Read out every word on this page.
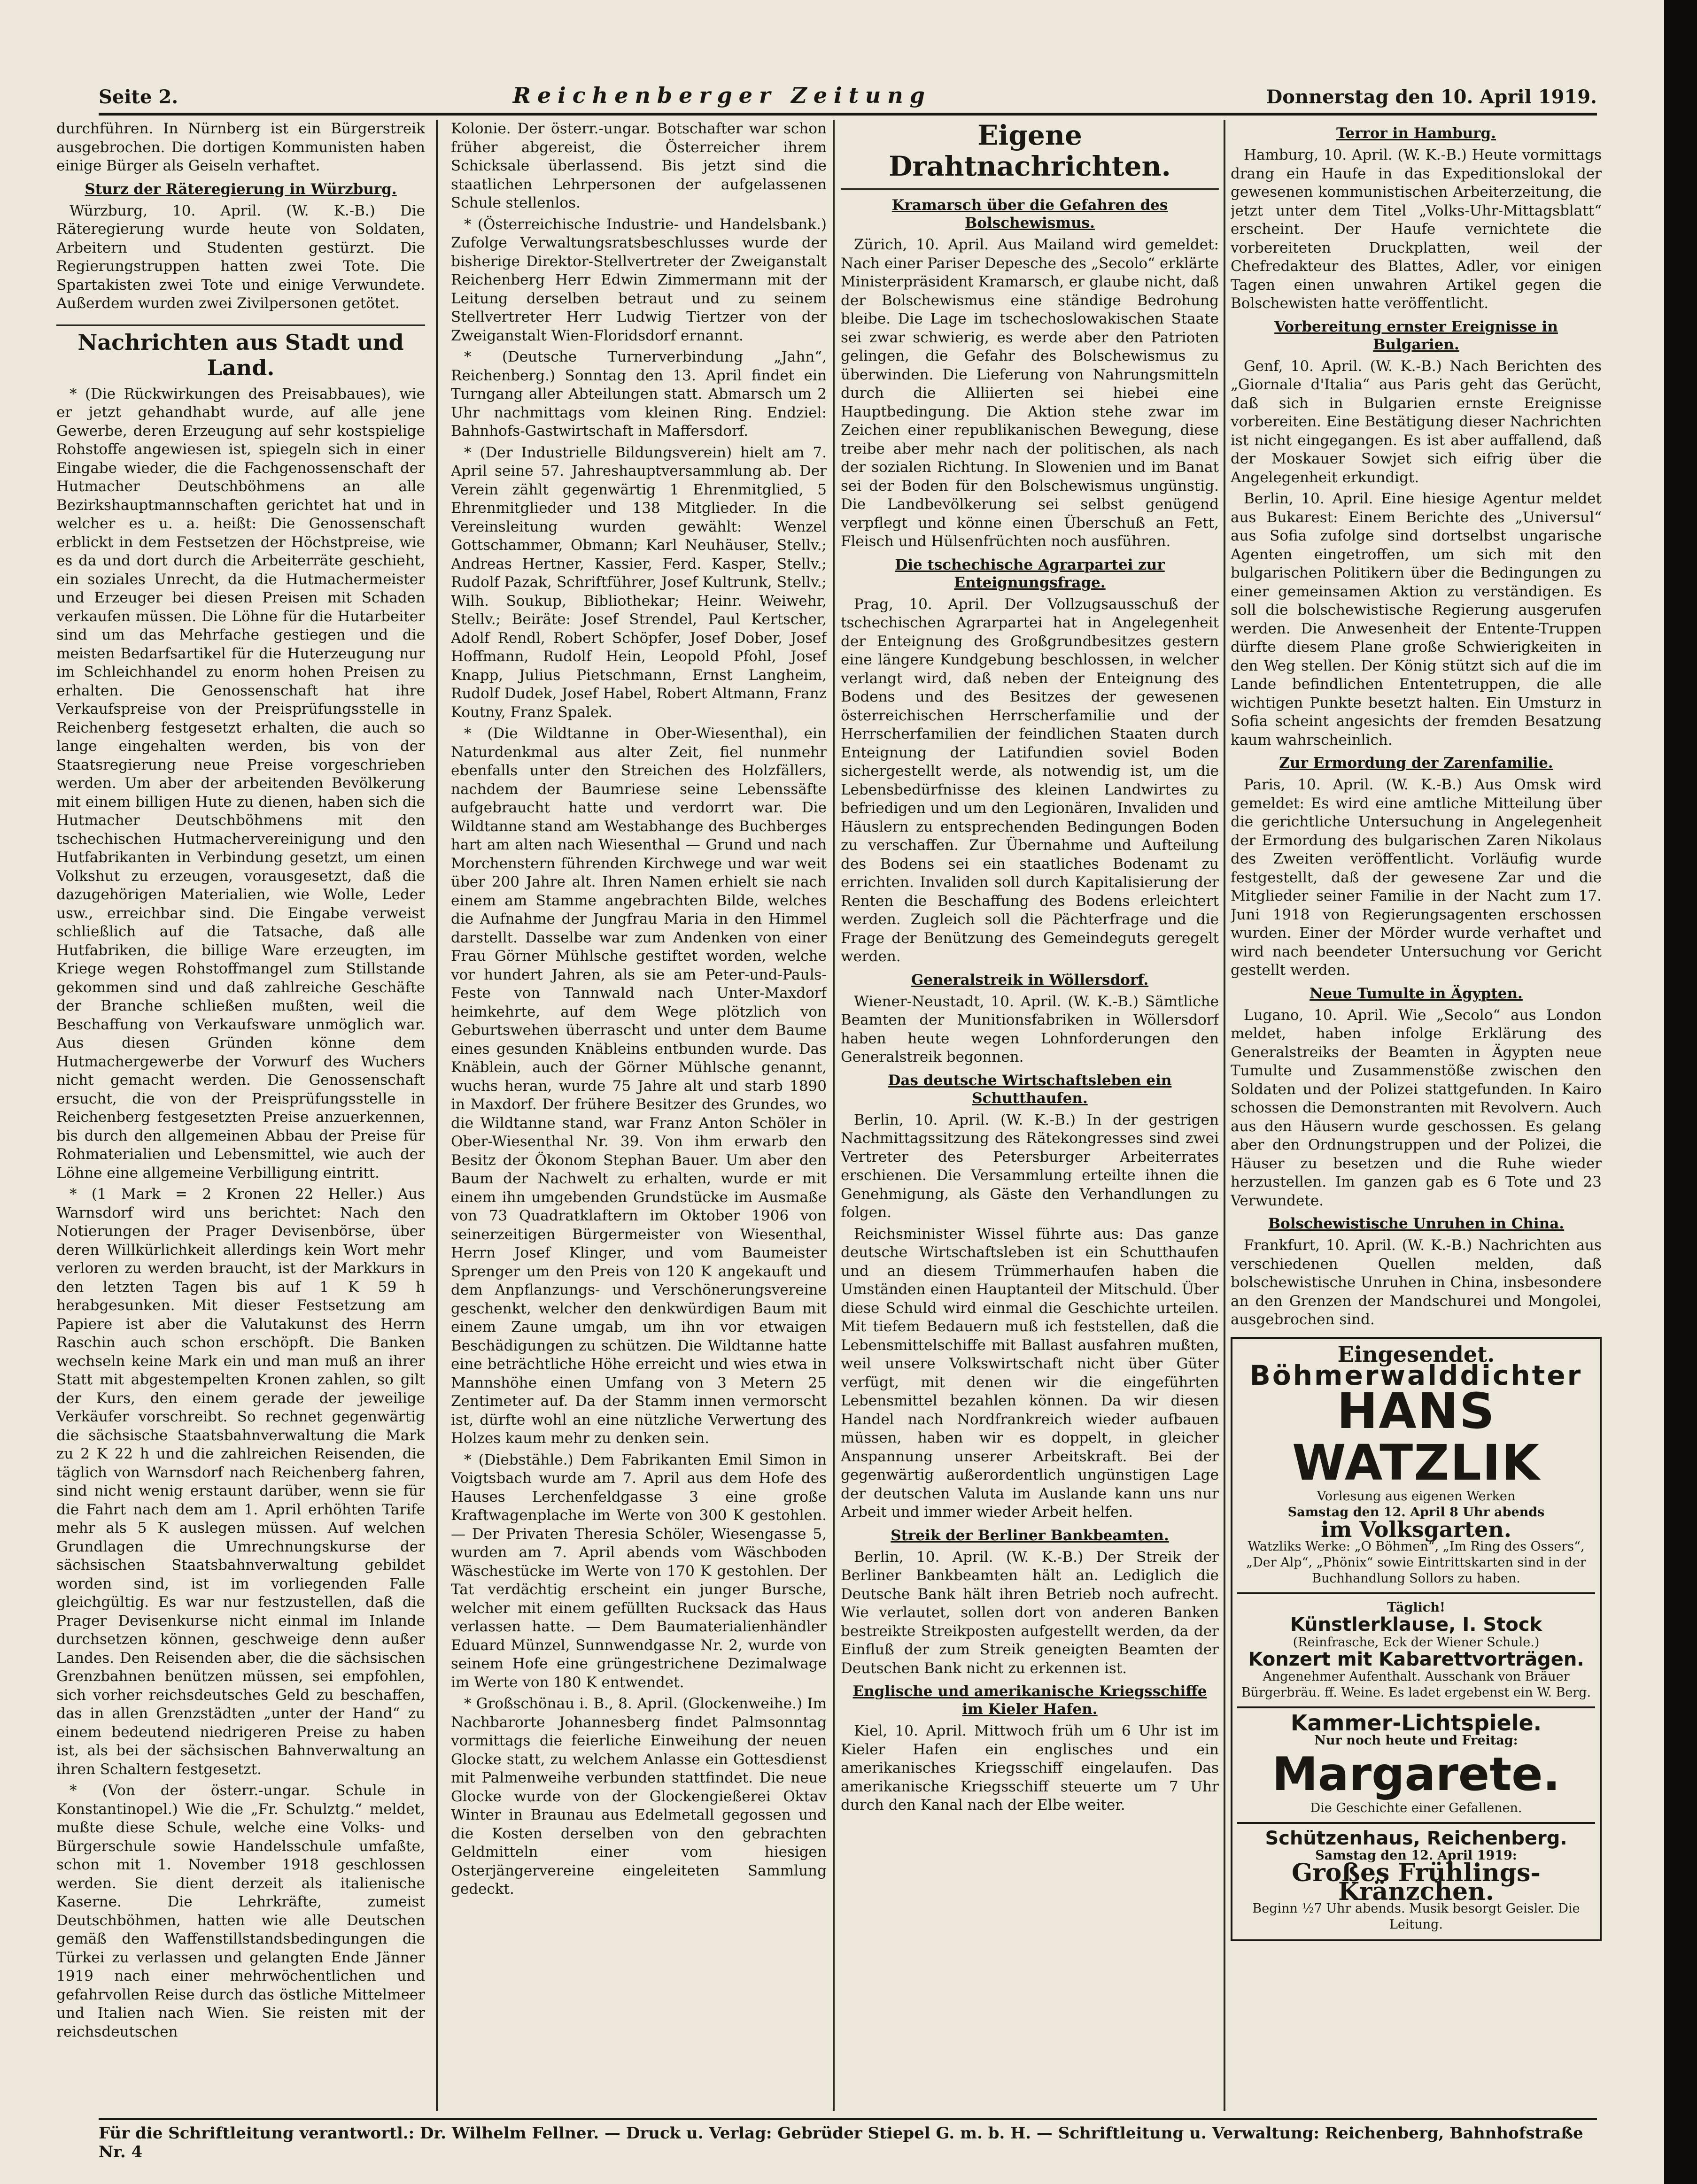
Seite 2.	Reichenberger Zeitung	Donnerstag den 10. April 1919.

durchführen. In Nürnberg ist ein Bürgerstreik ausgebrochen. Die dortigen Kommunisten haben einige Bürger als Geiseln verhaftet.

Sturz der Räteregierung in Würzburg.

Würzburg, 10. April. (W. K.-B.) Die Räteregierung wurde heute von Soldaten, Arbeitern und Studenten gestürzt. Die Regierungstruppen hatten zwei Tote. Die Spartakisten zwei Tote und einige Verwundete. Außerdem wurden zwei Zivilpersonen getötet.

Nachrichten aus Stadt und Land.

* (Die Rückwirkungen des Preisabbaues), wie er jetzt gehandhabt wurde, auf alle jene Gewerbe, deren Erzeugung auf sehr kostspielige Rohstoffe angewiesen ist, spiegeln sich in einer Eingabe wieder, die die Fachgenossenschaft der Hutmacher Deutschböhmens an alle Bezirkshauptmannschaften gerichtet hat und in welcher es u. a. heißt: Die Genossenschaft erblickt in dem Festsetzen der Höchstpreise, wie es da und dort durch die Arbeiterräte geschieht, ein soziales Unrecht, da die Hutmachermeister und Erzeuger bei diesen Preisen mit Schaden verkaufen müssen. Die Löhne für die Hutarbeiter sind um das Mehrfache gestiegen und die meisten Bedarfsartikel für die Huterzeugung nur im Schleichhandel zu enorm hohen Preisen zu erhalten. Die Genossenschaft hat ihre Verkaufspreise von der Preisprüfungsstelle in Reichenberg festgesetzt erhalten, die auch so lange eingehalten werden, bis von der Staatsregierung neue Preise vorgeschrieben werden. Um aber der arbeitenden Bevölkerung mit einem billigen Hute zu dienen, haben sich die Hutmacher Deutschböhmens mit den tschechischen Hutmachervereinigung und den Hutfabrikanten in Verbindung gesetzt, um einen Volkshut zu erzeugen, vorausgesetzt, daß die dazugehörigen Materialien, wie Wolle, Leder usw., erreichbar sind. Die Eingabe verweist schließlich auf die Tatsache, daß alle Hutfabriken, die billige Ware erzeugten, im Kriege wegen Rohstoffmangel zum Stillstande gekommen sind und daß zahlreiche Geschäfte der Branche schließen mußten, weil die Beschaffung von Verkaufsware unmöglich war. Aus diesen Gründen könne dem Hutmachergewerbe der Vorwurf des Wuchers nicht gemacht werden. Die Genossenschaft ersucht, die von der Preisprüfungsstelle in Reichenberg festgesetzten Preise anzuerkennen, bis durch den allgemeinen Abbau der Preise für Rohmaterialien und Lebensmittel, wie auch der Löhne eine allgemeine Verbilligung eintritt.

* (1 Mark = 2 Kronen 22 Heller.) Aus Warnsdorf wird uns berichtet: Nach den Notierungen der Prager Devisenbörse, über deren Willkürlichkeit allerdings kein Wort mehr verloren zu werden braucht, ist der Markkurs in den letzten Tagen bis auf 1 K 59 h herabgesunken. Mit dieser Festsetzung am Papiere ist aber die Valutakunst des Herrn Raschin auch schon erschöpft. Die Banken wechseln keine Mark ein und man muß an ihrer Statt mit abgestempelten Kronen zahlen, so gilt der Kurs, den einem gerade der jeweilige Verkäufer vorschreibt. So rechnet gegenwärtig die sächsische Staatsbahnverwaltung die Mark zu 2 K 22 h und die zahlreichen Reisenden, die täglich von Warnsdorf nach Reichenberg fahren, sind nicht wenig erstaunt darüber, wenn sie für die Fahrt nach dem am 1. April erhöhten Tarife mehr als 5 K auslegen müssen. Auf welchen Grundlagen die Umrechnungskurse der sächsischen Staatsbahnverwaltung gebildet worden sind, ist im vorliegenden Falle gleichgültig. Es war nur festzustellen, daß die Prager Devisenkurse nicht einmal im Inlande durchsetzen können, geschweige denn außer Landes. Den Reisenden aber, die die sächsischen Grenzbahnen benützen müssen, sei empfohlen, sich vorher reichsdeutsches Geld zu beschaffen, das in allen Grenzstädten „unter der Hand“ zu einem bedeutend niedrigeren Preise zu haben ist, als bei der sächsischen Bahnverwaltung an ihren Schaltern festgesetzt.

* (Von der österr.-ungar. Schule in Konstantinopel.) Wie die „Fr. Schulztg.“ meldet, mußte diese Schule, welche eine Volks- und Bürgerschule sowie Handelsschule umfaßte, schon mit 1. November 1918 geschlossen werden. Sie dient derzeit als italienische Kaserne. Die Lehrkräfte, zumeist Deutschböhmen, hatten wie alle Deutschen gemäß den Waffenstillstandsbedingungen die Türkei zu verlassen und gelangten Ende Jänner 1919 nach einer mehrwöchentlichen und gefahrvollen Reise durch das östliche Mittelmeer und Italien nach Wien. Sie reisten mit der reichsdeutschen

Kolonie. Der österr.-ungar. Botschafter war schon früher abgereist, die Österreicher ihrem Schicksale überlassend. Bis jetzt sind die staatlichen Lehrpersonen der aufgelassenen Schule stellenlos.

* (Österreichische Industrie- und Handelsbank.) Zufolge Verwaltungsratsbeschlusses wurde der bisherige Direktor-Stellvertreter der Zweiganstalt Reichenberg Herr Edwin Zimmermann mit der Leitung derselben betraut und zu seinem Stellvertreter Herr Ludwig Tiertzer von der Zweiganstalt Wien-Floridsdorf ernannt.

* (Deutsche Turnerverbindung „Jahn“, Reichenberg.) Sonntag den 13. April findet ein Turngang aller Abteilungen statt. Abmarsch um 2 Uhr nachmittags vom kleinen Ring. Endziel: Bahnhofs-Gastwirtschaft in Maffersdorf.

* (Der Industrielle Bildungsverein) hielt am 7. April seine 57. Jahreshauptversammlung ab. Der Verein zählt gegenwärtig 1 Ehrenmitglied, 5 Ehrenmitglieder und 138 Mitglieder. In die Vereinsleitung wurden gewählt: Wenzel Gottschammer, Obmann; Karl Neuhäuser, Stellv.; Andreas Hertner, Kassier, Ferd. Kasper, Stellv.; Rudolf Pazak, Schriftführer, Josef Kultrunk, Stellv.; Wilh. Soukup, Bibliothekar; Heinr. Weiwehr, Stellv.; Beiräte: Josef Strendel, Paul Kertscher, Adolf Rendl, Robert Schöpfer, Josef Dober, Josef Hoffmann, Rudolf Hein, Leopold Pfohl, Josef Knapp, Julius Pietschmann, Ernst Langheim, Rudolf Dudek, Josef Habel, Robert Altmann, Franz Koutny, Franz Spalek.

* (Die Wildtanne in Ober-Wiesenthal), ein Naturdenkmal aus alter Zeit, fiel nunmehr ebenfalls unter den Streichen des Holzfällers, nachdem der Baumriese seine Lebenssäfte aufgebraucht hatte und verdorrt war. Die Wildtanne stand am Westabhange des Buchberges hart am alten nach Wiesenthal — Grund und nach Morchenstern führenden Kirchwege und war weit über 200 Jahre alt. Ihren Namen erhielt sie nach einem am Stamme angebrachten Bilde, welches die Aufnahme der Jungfrau Maria in den Himmel darstellt. Dasselbe war zum Andenken von einer Frau Görner Mühlsche gestiftet worden, welche vor hundert Jahren, als sie am Peter-und-Pauls-Feste von Tannwald nach Unter-Maxdorf heimkehrte, auf dem Wege plötzlich von Geburtswehen überrascht und unter dem Baume eines gesunden Knäbleins entbunden wurde. Das Knäblein, auch der Görner Mühlsche genannt, wuchs heran, wurde 75 Jahre alt und starb 1890 in Maxdorf. Der frühere Besitzer des Grundes, wo die Wildtanne stand, war Franz Anton Schöler in Ober-Wiesenthal Nr. 39. Von ihm erwarb den Besitz der Ökonom Stephan Bauer. Um aber den Baum der Nachwelt zu erhalten, wurde er mit einem ihn umgebenden Grundstücke im Ausmaße von 73 Quadratklaftern im Oktober 1906 von seinerzeitigen Bürgermeister von Wiesenthal, Herrn Josef Klinger, und vom Baumeister Sprenger um den Preis von 120 K angekauft und dem Anpflanzungs- und Verschönerungsvereine geschenkt, welcher den denkwürdigen Baum mit einem Zaune umgab, um ihn vor etwaigen Beschädigungen zu schützen. Die Wildtanne hatte eine beträchtliche Höhe erreicht und wies etwa in Mannshöhe einen Umfang von 3 Metern 25 Zentimeter auf. Da der Stamm innen vermorscht ist, dürfte wohl an eine nützliche Verwertung des Holzes kaum mehr zu denken sein.

* (Diebstähle.) Dem Fabrikanten Emil Simon in Voigtsbach wurde am 7. April aus dem Hofe des Hauses Lerchenfeldgasse 3 eine große Kraftwagenplache im Werte von 300 K gestohlen. — Der Privaten Theresia Schöler, Wiesengasse 5, wurden am 7. April abends vom Wäschboden Wäschestücke im Werte von 170 K gestohlen. Der Tat verdächtig erscheint ein junger Bursche, welcher mit einem gefüllten Rucksack das Haus verlassen hatte. — Dem Baumaterialienhändler Eduard Münzel, Sunnwendgasse Nr. 2, wurde von seinem Hofe eine grüngestrichene Dezimalwage im Werte von 180 K entwendet.

* Großschönau i. B., 8. April. (Glockenweihe.) Im Nachbarorte Johannesberg findet Palmsonntag vormittags die feierliche Einweihung der neuen Glocke statt, zu welchem Anlasse ein Gottesdienst mit Palmenweihe verbunden stattfindet. Die neue Glocke wurde von der Glockengießerei Oktav Winter in Braunau aus Edelmetall gegossen und die Kosten derselben von den gebrachten Geldmitteln einer vom hiesigen Osterjängervereine eingeleiteten Sammlung gedeckt.

Eigene Drahtnachrichten.
Kramarsch über die Gefahren des Bolschewismus.

Zürich, 10. April. Aus Mailand wird gemeldet: Nach einer Pariser Depesche des „Secolo“ erklärte Ministerpräsident Kramarsch, er glaube nicht, daß der Bolschewismus eine ständige Bedrohung bleibe. Die Lage im tschechoslowakischen Staate sei zwar schwierig, es werde aber den Patrioten gelingen, die Gefahr des Bolschewismus zu überwinden. Die Lieferung von Nahrungsmitteln durch die Alliierten sei hiebei eine Hauptbedingung. Die Aktion stehe zwar im Zeichen einer republikanischen Bewegung, diese treibe aber mehr nach der politischen, als nach der sozialen Richtung. In Slowenien und im Banat sei der Boden für den Bolschewismus ungünstig. Die Landbevölkerung sei selbst genügend verpflegt und könne einen Überschuß an Fett, Fleisch und Hülsenfrüchten noch ausführen.

Die tschechische Agrarpartei zur Enteignungsfrage.

Prag, 10. April. Der Vollzugsausschuß der tschechischen Agrarpartei hat in Angelegenheit der Enteignung des Großgrundbesitzes gestern eine längere Kundgebung beschlossen, in welcher verlangt wird, daß neben der Enteignung des Bodens und des Besitzes der gewesenen österreichischen Herrscherfamilie und der Herrscherfamilien der feindlichen Staaten durch Enteignung der Latifundien soviel Boden sichergestellt werde, als notwendig ist, um die Lebensbedürfnisse des kleinen Landwirtes zu befriedigen und um den Legionären, Invaliden und Häuslern zu entsprechenden Bedingungen Boden zu verschaffen. Zur Übernahme und Aufteilung des Bodens sei ein staatliches Bodenamt zu errichten. Invaliden soll durch Kapitalisierung der Renten die Beschaffung des Bodens erleichtert werden. Zugleich soll die Pächterfrage und die Frage der Benützung des Gemeindeguts geregelt werden.

Generalstreik in Wöllersdorf.

Wiener-Neustadt, 10. April. (W. K.-B.) Sämtliche Beamten der Munitionsfabriken in Wöllersdorf haben heute wegen Lohnforderungen den Generalstreik begonnen.

Das deutsche Wirtschaftsleben ein Schutthaufen.

Berlin, 10. April. (W. K.-B.) In der gestrigen Nachmittagssitzung des Rätekongresses sind zwei Vertreter des Petersburger Arbeiterrates erschienen. Die Versammlung erteilte ihnen die Genehmigung, als Gäste den Verhandlungen zu folgen.

Reichsminister Wissel führte aus: Das ganze deutsche Wirtschaftsleben ist ein Schutthaufen und an diesem Trümmerhaufen haben die Umständen einen Hauptanteil der Mitschuld. Über diese Schuld wird einmal die Geschichte urteilen. Mit tiefem Bedauern muß ich feststellen, daß die Lebensmittelschiffe mit Ballast ausfahren mußten, weil unsere Volkswirtschaft nicht über Güter verfügt, mit denen wir die eingeführten Lebensmittel bezahlen können. Da wir diesen Handel nach Nordfrankreich wieder aufbauen müssen, haben wir es doppelt, in gleicher Anspannung unserer Arbeitskraft. Bei der gegenwärtig außerordentlich ungünstigen Lage der deutschen Valuta im Auslande kann uns nur Arbeit und immer wieder Arbeit helfen.

Streik der Berliner Bankbeamten.

Berlin, 10. April. (W. K.-B.) Der Streik der Berliner Bankbeamten hält an. Lediglich die Deutsche Bank hält ihren Betrieb noch aufrecht. Wie verlautet, sollen dort von anderen Banken bestreikte Streikposten aufgestellt werden, da der Einfluß der zum Streik geneigten Beamten der Deutschen Bank nicht zu erkennen ist.

Englische und amerikanische Kriegsschiffe im Kieler Hafen.

Kiel, 10. April. Mittwoch früh um 6 Uhr ist im Kieler Hafen ein englisches und ein amerikanisches Kriegsschiff eingelaufen. Das amerikanische Kriegsschiff steuerte um 7 Uhr durch den Kanal nach der Elbe weiter.

Terror in Hamburg.

Hamburg, 10. April. (W. K.-B.) Heute vormittags drang ein Haufe in das Expeditionslokal der gewesenen kommunistischen Arbeiterzeitung, die jetzt unter dem Titel „Volks-Uhr-Mittagsblatt“ erscheint. Der Haufe vernichtete die vorbereiteten Druckplatten, weil der Chefredakteur des Blattes, Adler, vor einigen Tagen einen unwahren Artikel gegen die Bolschewisten hatte veröffentlicht.

Vorbereitung ernster Ereignisse in Bulgarien.

Genf, 10. April. (W. K.-B.) Nach Berichten des „Giornale d'Italia“ aus Paris geht das Gerücht, daß sich in Bulgarien ernste Ereignisse vorbereiten. Eine Bestätigung dieser Nachrichten ist nicht eingegangen. Es ist aber auffallend, daß der Moskauer Sowjet sich eifrig über die Angelegenheit erkundigt.

Berlin, 10. April. Eine hiesige Agentur meldet aus Bukarest: Einem Berichte des „Universul“ aus Sofia zufolge sind dortselbst ungarische Agenten eingetroffen, um sich mit den bulgarischen Politikern über die Bedingungen zu einer gemeinsamen Aktion zu verständigen. Es soll die bolschewistische Regierung ausgerufen werden. Die Anwesenheit der Entente-Truppen dürfte diesem Plane große Schwierigkeiten in den Weg stellen. Der König stützt sich auf die im Lande befindlichen Ententetruppen, die alle wichtigen Punkte besetzt halten. Ein Umsturz in Sofia scheint angesichts der fremden Besatzung kaum wahrscheinlich.

Zur Ermordung der Zarenfamilie.

Paris, 10. April. (W. K.-B.) Aus Omsk wird gemeldet: Es wird eine amtliche Mitteilung über die gerichtliche Untersuchung in Angelegenheit der Ermordung des bulgarischen Zaren Nikolaus des Zweiten veröffentlicht. Vorläufig wurde festgestellt, daß der gewesene Zar und die Mitglieder seiner Familie in der Nacht zum 17. Juni 1918 von Regierungsagenten erschossen wurden. Einer der Mörder wurde verhaftet und wird nach beendeter Untersuchung vor Gericht gestellt werden.

Neue Tumulte in Ägypten.

Lugano, 10. April. Wie „Secolo“ aus London meldet, haben infolge Erklärung des Generalstreiks der Beamten in Ägypten neue Tumulte und Zusammenstöße zwischen den Soldaten und der Polizei stattgefunden. In Kairo schossen die Demonstranten mit Revolvern. Auch aus den Häusern wurde geschossen. Es gelang aber den Ordnungstruppen und der Polizei, die Häuser zu besetzen und die Ruhe wieder herzustellen. Im ganzen gab es 6 Tote und 23 Verwundete.

Bolschewistische Unruhen in China.

Frankfurt, 10. April. (W. K.-B.) Nachrichten aus verschiedenen Quellen melden, daß bolschewistische Unruhen in China, insbesondere an den Grenzen der Mandschurei und Mongolei, ausgebrochen sind.

Eingesendet.
Böhmerwalddichter
HANS WATZLIK
Vorlesung aus eigenen Werken
Samstag den 12. April 8 Uhr abends
im Volksgarten.
Watzliks Werke: „O Böhmen“, „Im Ring des Ossers“, „Der Alp“, „Phönix“ sowie Eintrittskarten sind in der Buchhandlung Sollors zu haben.
Täglich!
Künstlerklause, I. Stock
(Reinfrasche, Eck der Wiener Schule.)
Konzert mit Kabarettvorträgen.
Angenehmer Aufenthalt. Ausschank von Bräuer Bürgerbräu. ff. Weine. Es ladet ergebenst ein W. Berg.
Kammer-Lichtspiele.
Nur noch heute und Freitag:
Margarete.
Die Geschichte einer Gefallenen.
Schützenhaus, Reichenberg.
Samstag den 12. April 1919:
Großes Frühlings-Kränzchen.
Beginn ½7 Uhr abends. Musik besorgt Geisler. Die Leitung.
Für die Schriftleitung verantwortl.: Dr. Wilhelm Fellner. — Druck u. Verlag: Gebrüder Stiepel G. m. b. H. — Schriftleitung u. Verwaltung: Reichenberg, Bahnhofstraße Nr. 4
